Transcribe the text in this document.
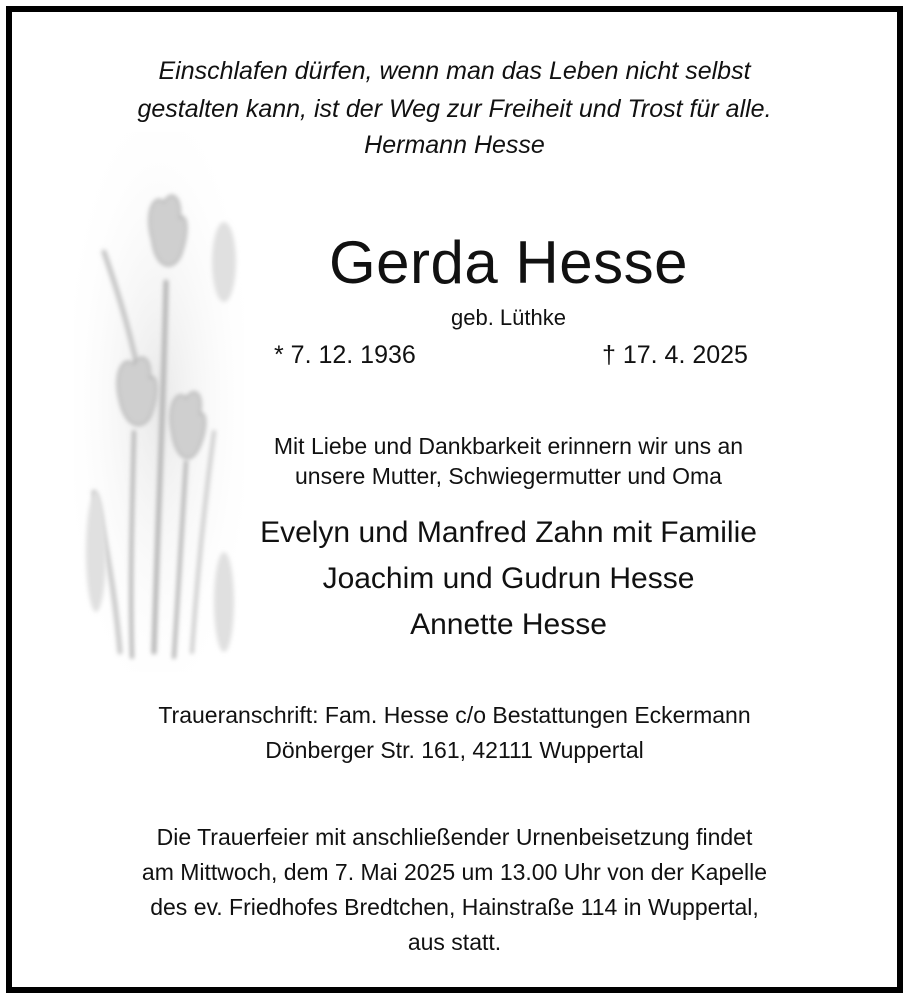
Einschlafen dürfen, wenn man das Leben nicht selbst
gestalten kann, ist der Weg zur Freiheit und Trost für alle.
Hermann Hesse
Gerda Hesse
geb. Lüthke
* 7. 12. 1936	† 17. 4. 2025
Mit Liebe und Dankbarkeit erinnern wir uns an
unsere Mutter, Schwiegermutter und Oma
Evelyn und Manfred Zahn mit Familie
Joachim und Gudrun Hesse
Annette Hesse
Traueranschrift: Fam. Hesse c/o Bestattungen Eckermann
Dönberger Str. 161, 42111 Wuppertal
Die Trauerfeier mit anschließender Urnenbeisetzung findet
am Mittwoch, dem 7. Mai 2025 um 13.00 Uhr von der Kapelle
des ev. Friedhofes Bredtchen, Hainstraße 114 in Wuppertal,
aus statt.
